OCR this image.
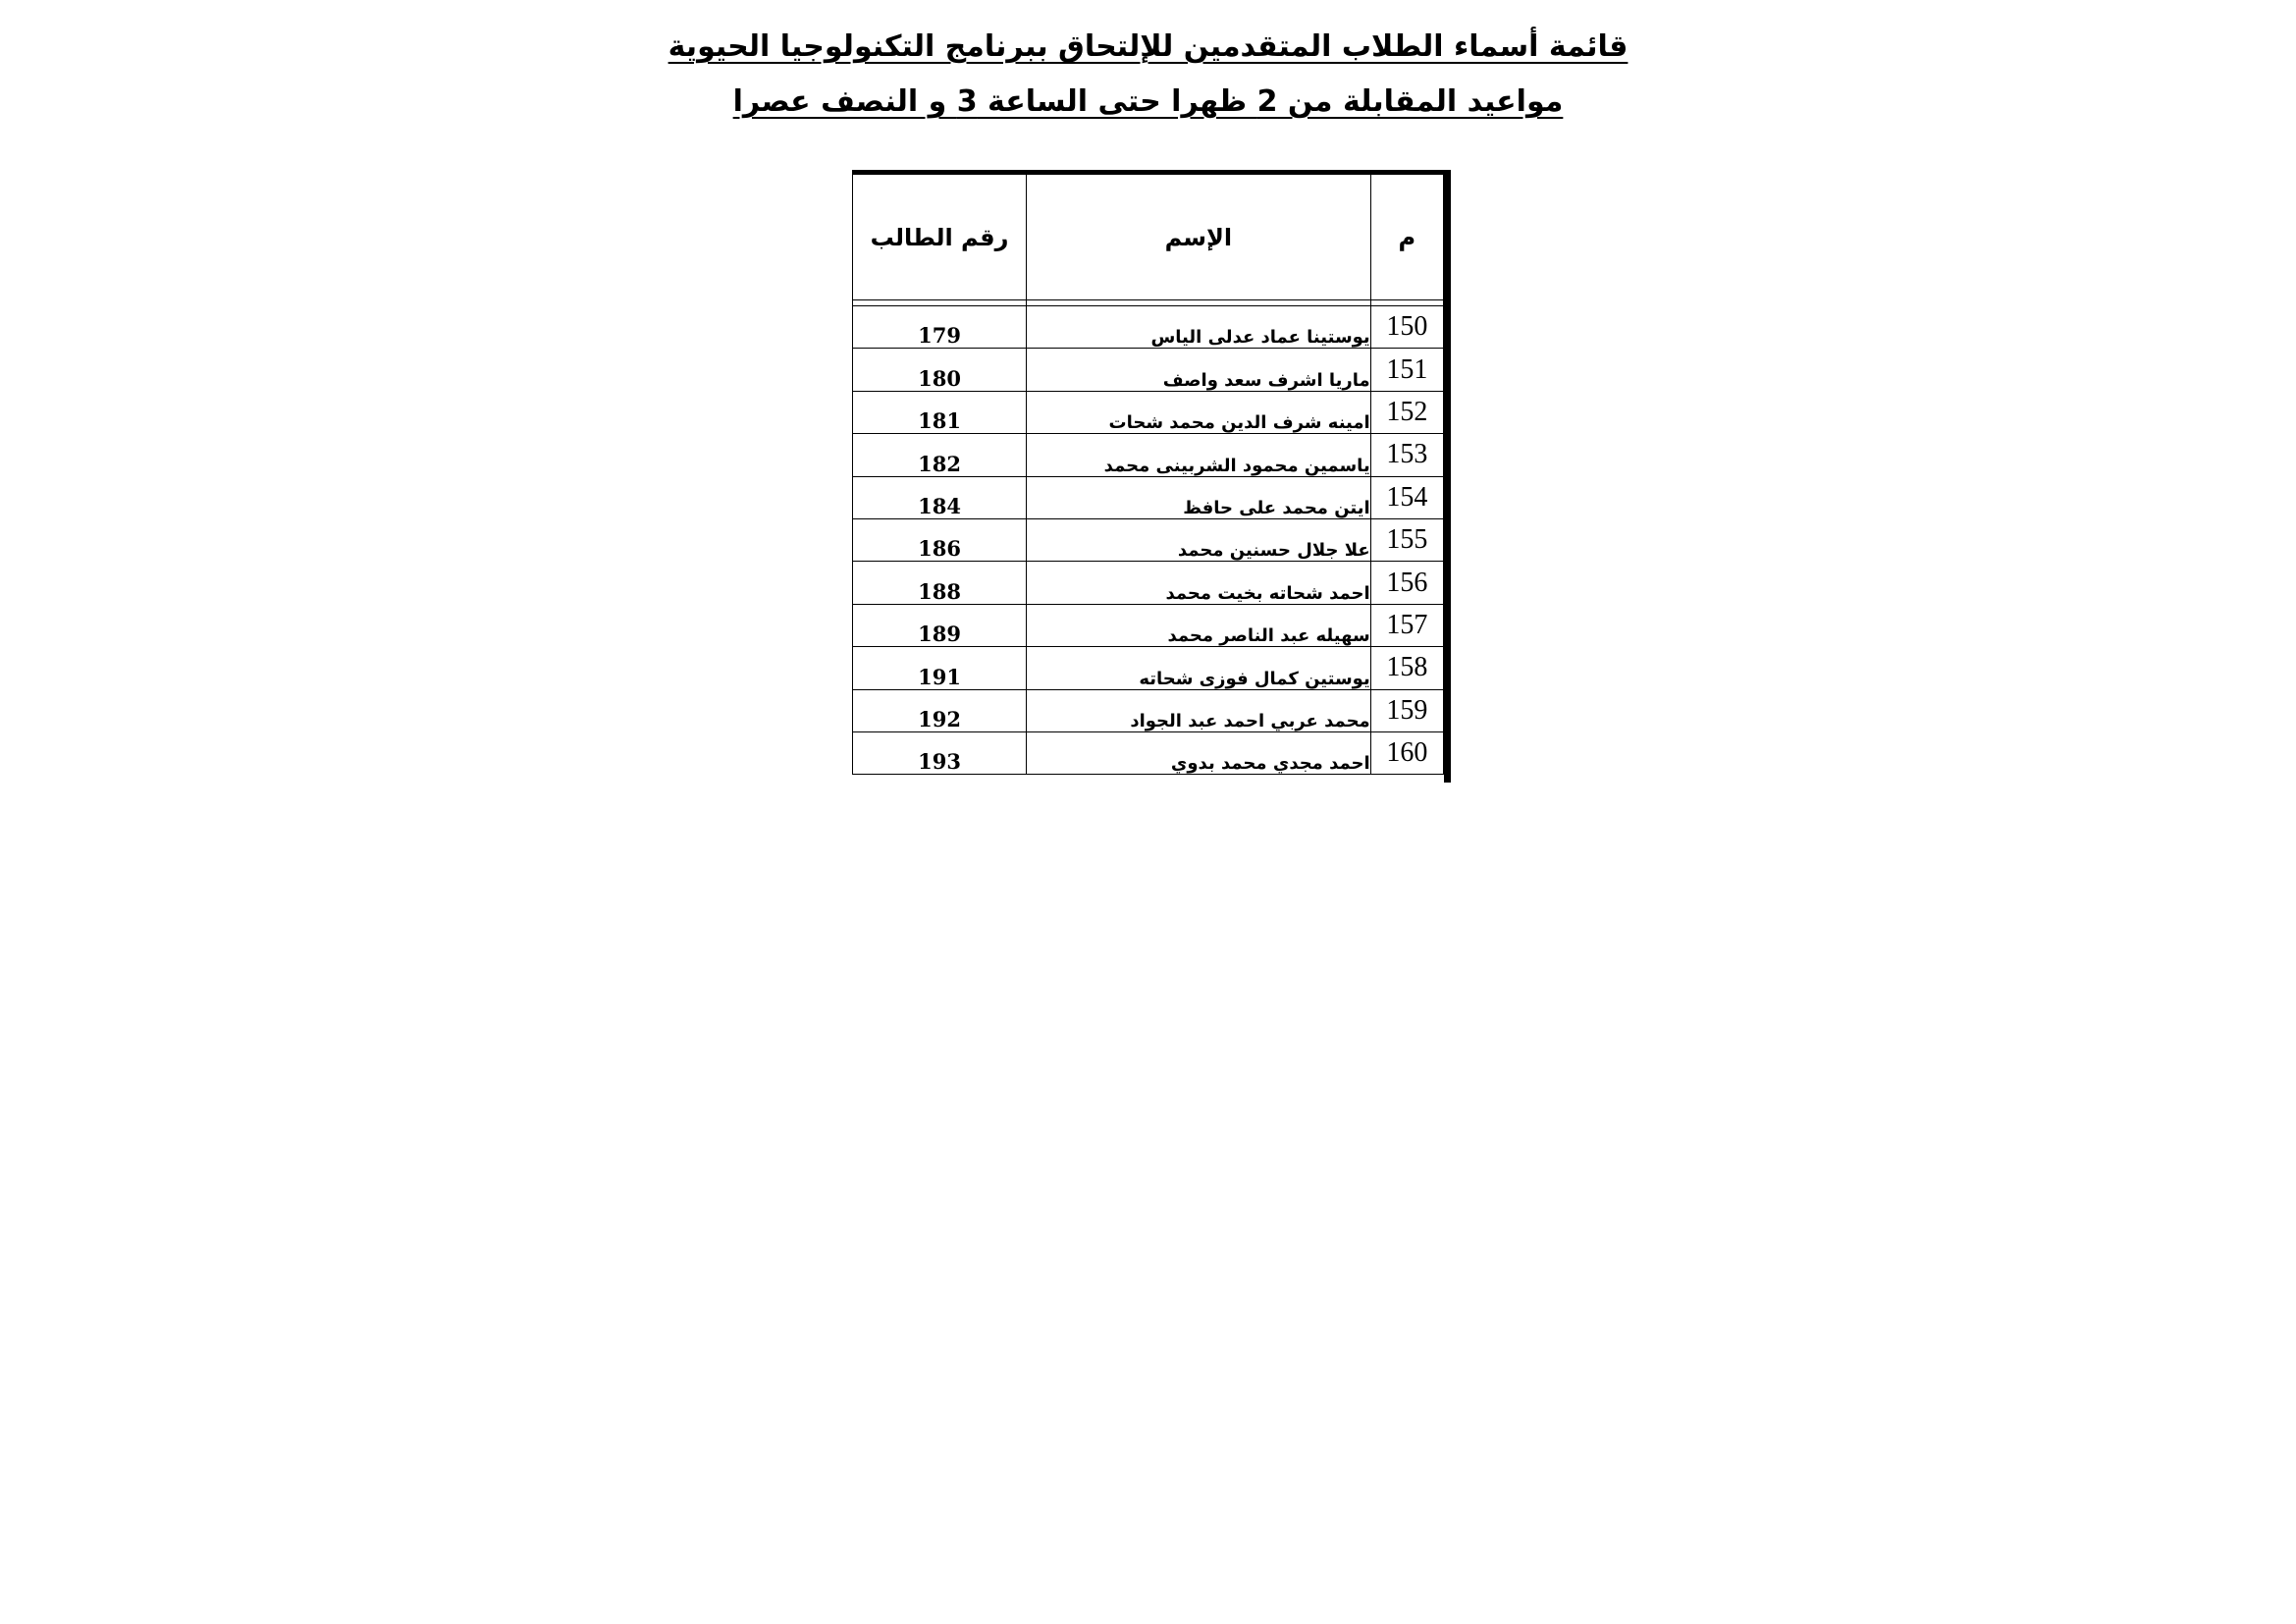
قائمة أسماء الطلاب المتقدمين للإلتحاق ببرنامج التكنولوجيا الحيوية
مواعيد المقابلة من 2 ظهرا حتى الساعة 3 و النصف عصرا
رقم الطالب	الإسم	م

179	يوستينا عماد عدلى الياس	150
180	ماريا اشرف سعد واصف	151
181	امينه شرف الدين محمد شحات	152
182	ياسمين محمود الشربينى محمد	153
184	ايتن محمد على حافظ	154
186	علا جلال حسنين محمد	155
188	احمد شحاته بخيت محمد	156
189	سهيله عبد الناصر محمد	157
191	يوستين كمال فوزى شحاته	158
192	محمد عربي احمد عبد الجواد	159
193	احمد مجدي محمد بدوي	160
